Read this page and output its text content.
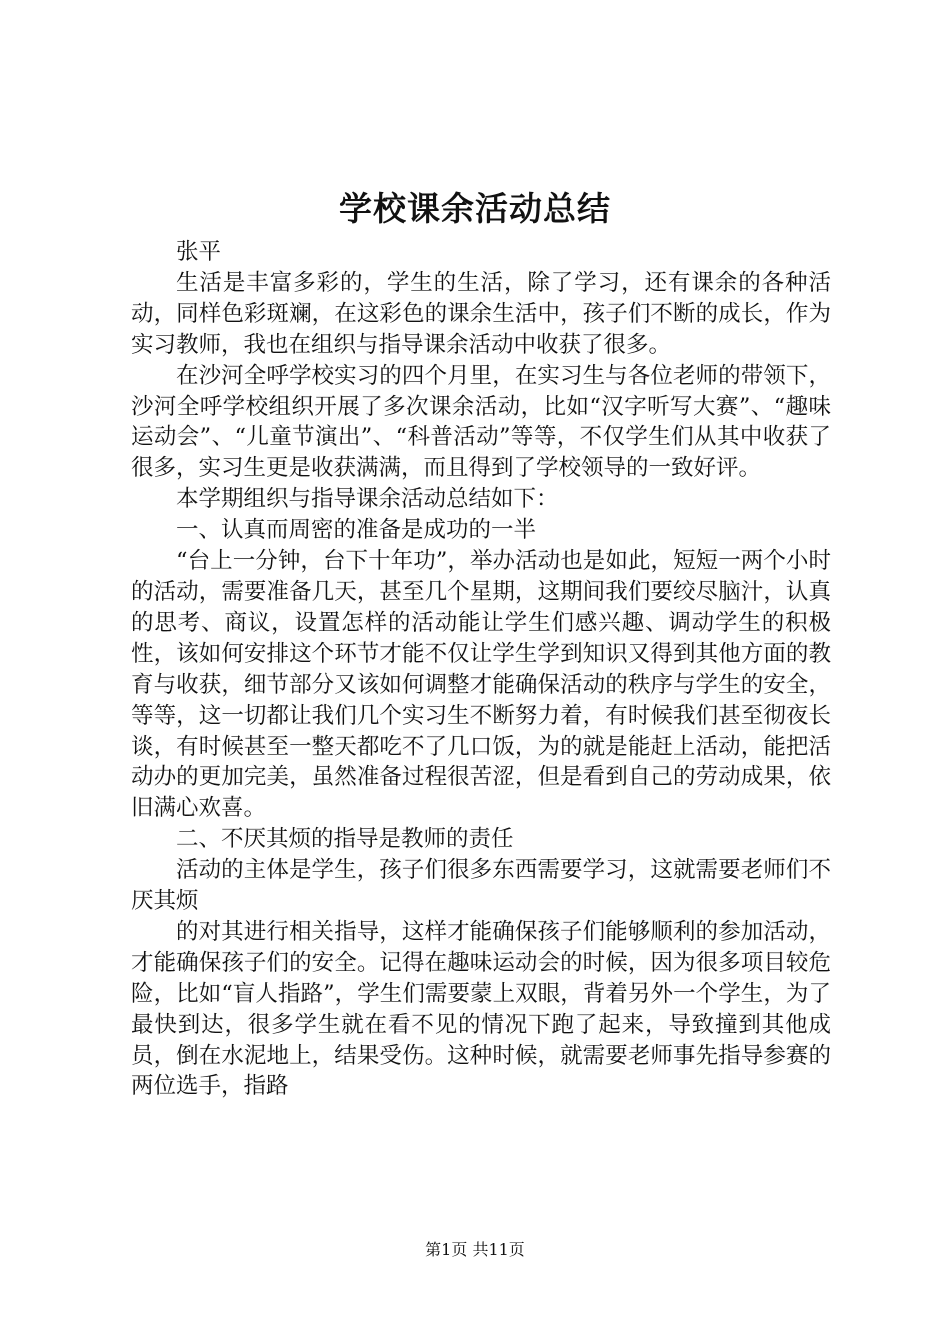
学校课余活动总结

张平

生活是丰富多彩的，学生的生活，除了学习，还有课余的各种活动，同样色彩斑斓，在这彩色的课余生活中，孩子们不断的成长，作为实习教师，我也在组织与指导课余活动中收获了很多。

在沙河全呼学校实习的四个月里，在实习生与各位老师的带领下，沙河全呼学校组织开展了多次课余活动，比如“汉字听写大赛”、“趣味运动会”、“儿童节演出”、“科普活动”等等，不仅学生们从其中收获了很多，实习生更是收获满满，而且得到了学校领导的一致好评。

本学期组织与指导课余活动总结如下：

一、认真而周密的准备是成功的一半

“台上一分钟，台下十年功”，举办活动也是如此，短短一两个小时的活动，需要准备几天，甚至几个星期，这期间我们要绞尽脑汁，认真的思考、商议，设置怎样的活动能让学生们感兴趣、调动学生的积极性，该如何安排这个环节才能不仅让学生学到知识又得到其他方面的教育与收获，细节部分又该如何调整才能确保活动的秩序与学生的安全，等等，这一切都让我们几个实习生不断努力着，有时候我们甚至彻夜长谈，有时候甚至一整天都吃不了几口饭，为的就是能赶上活动，能把活动办的更加完美，虽然准备过程很苦涩，但是看到自己的劳动成果，依旧满心欢喜。

二、不厌其烦的指导是教师的责任

活动的主体是学生，孩子们很多东西需要学习，这就需要老师们不厌其烦

的对其进行相关指导，这样才能确保孩子们能够顺利的参加活动，才能确保孩子们的安全。记得在趣味运动会的时候，因为很多项目较危险，比如“盲人指路”，学生们需要蒙上双眼，背着另外一个学生，为了最快到达，很多学生就在看不见的情况下跑了起来，导致撞到其他成员，倒在水泥地上，结果受伤。这种时候，就需要老师事先指导参赛的两位选手，指路

第1页 共11页
